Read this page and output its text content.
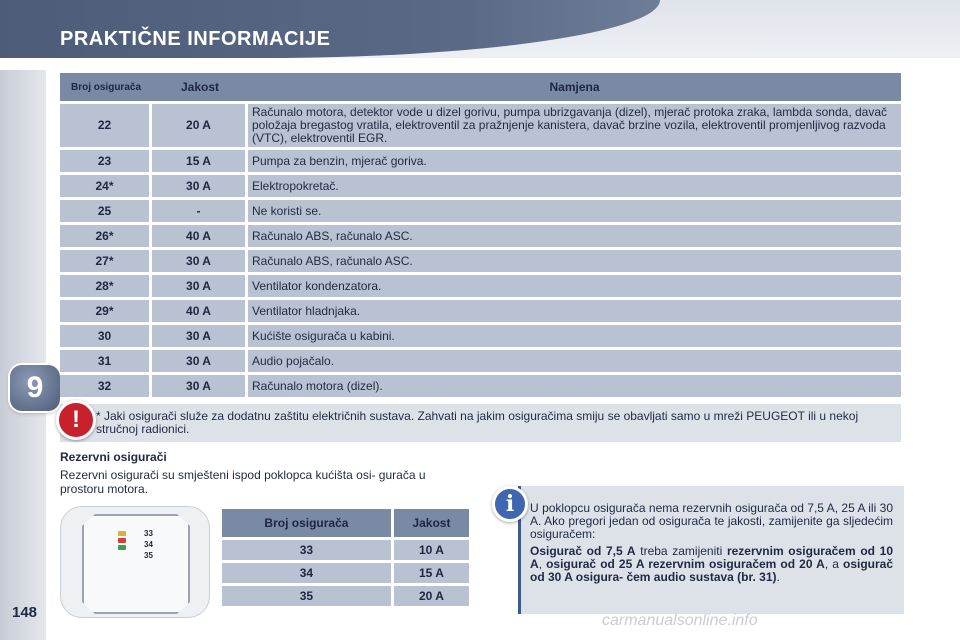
PRAKTIČNE INFORMACIJE
9
148
Broj osigurača	Jakost	Namjena
22	20 A	Računalo motora, detektor vode u dizel gorivu, pumpa ubrizgavanja (dizel), mjerač protoka zraka, lambda sonda, davač položaja bregastog vratila, elektroventil za pražnjenje kanistera, davač brzine vozila, elektroventil promjenljivog razvoda (VTC), elektroventil EGR.
23	15 A	Pumpa za benzin, mjerač goriva.
24*	30 A	Elektropokretač.
25	-	Ne koristi se.
26*	40 A	Računalo ABS, računalo ASC.
27*	30 A	Računalo ABS, računalo ASC.
28*	30 A	Ventilator kondenzatora.
29*	40 A	Ventilator hladnjaka.
30	30 A	Kućište osigurača u kabini.
31	30 A	Audio pojačalo.
32	30 A	Računalo motora (dizel).
!	* Jaki osigurači služe za dodatnu zaštitu električnih sustava. Zahvati na jakim osiguračima smiju se obavljati samo u mreži PEUGEOT ili u nekoj stručnoj radionici.
Rezervni osigurači
Rezervni osigurači su smješteni ispod poklopca kućišta osi- gurača u prostoru motora.
33
34
35
Broj osigurača	Jakost
33	10 A
34	15 A
35	20 A
i	U poklopcu osigurača nema rezervnih osigurača od 7,5 A, 25 A ili 30 A. Ako pregori jedan od osigurača te jakosti, zamijenite ga sljedećim osiguračem:

Osigurač od 7,5 A treba zamijeniti rezervnim osiguračem od 10 A, osigurač od 25 A rezervnim osiguračem od 20 A, a osigurač od 30 A osigura- čem audio sustava (br. 31).

carmanualsonline.info
